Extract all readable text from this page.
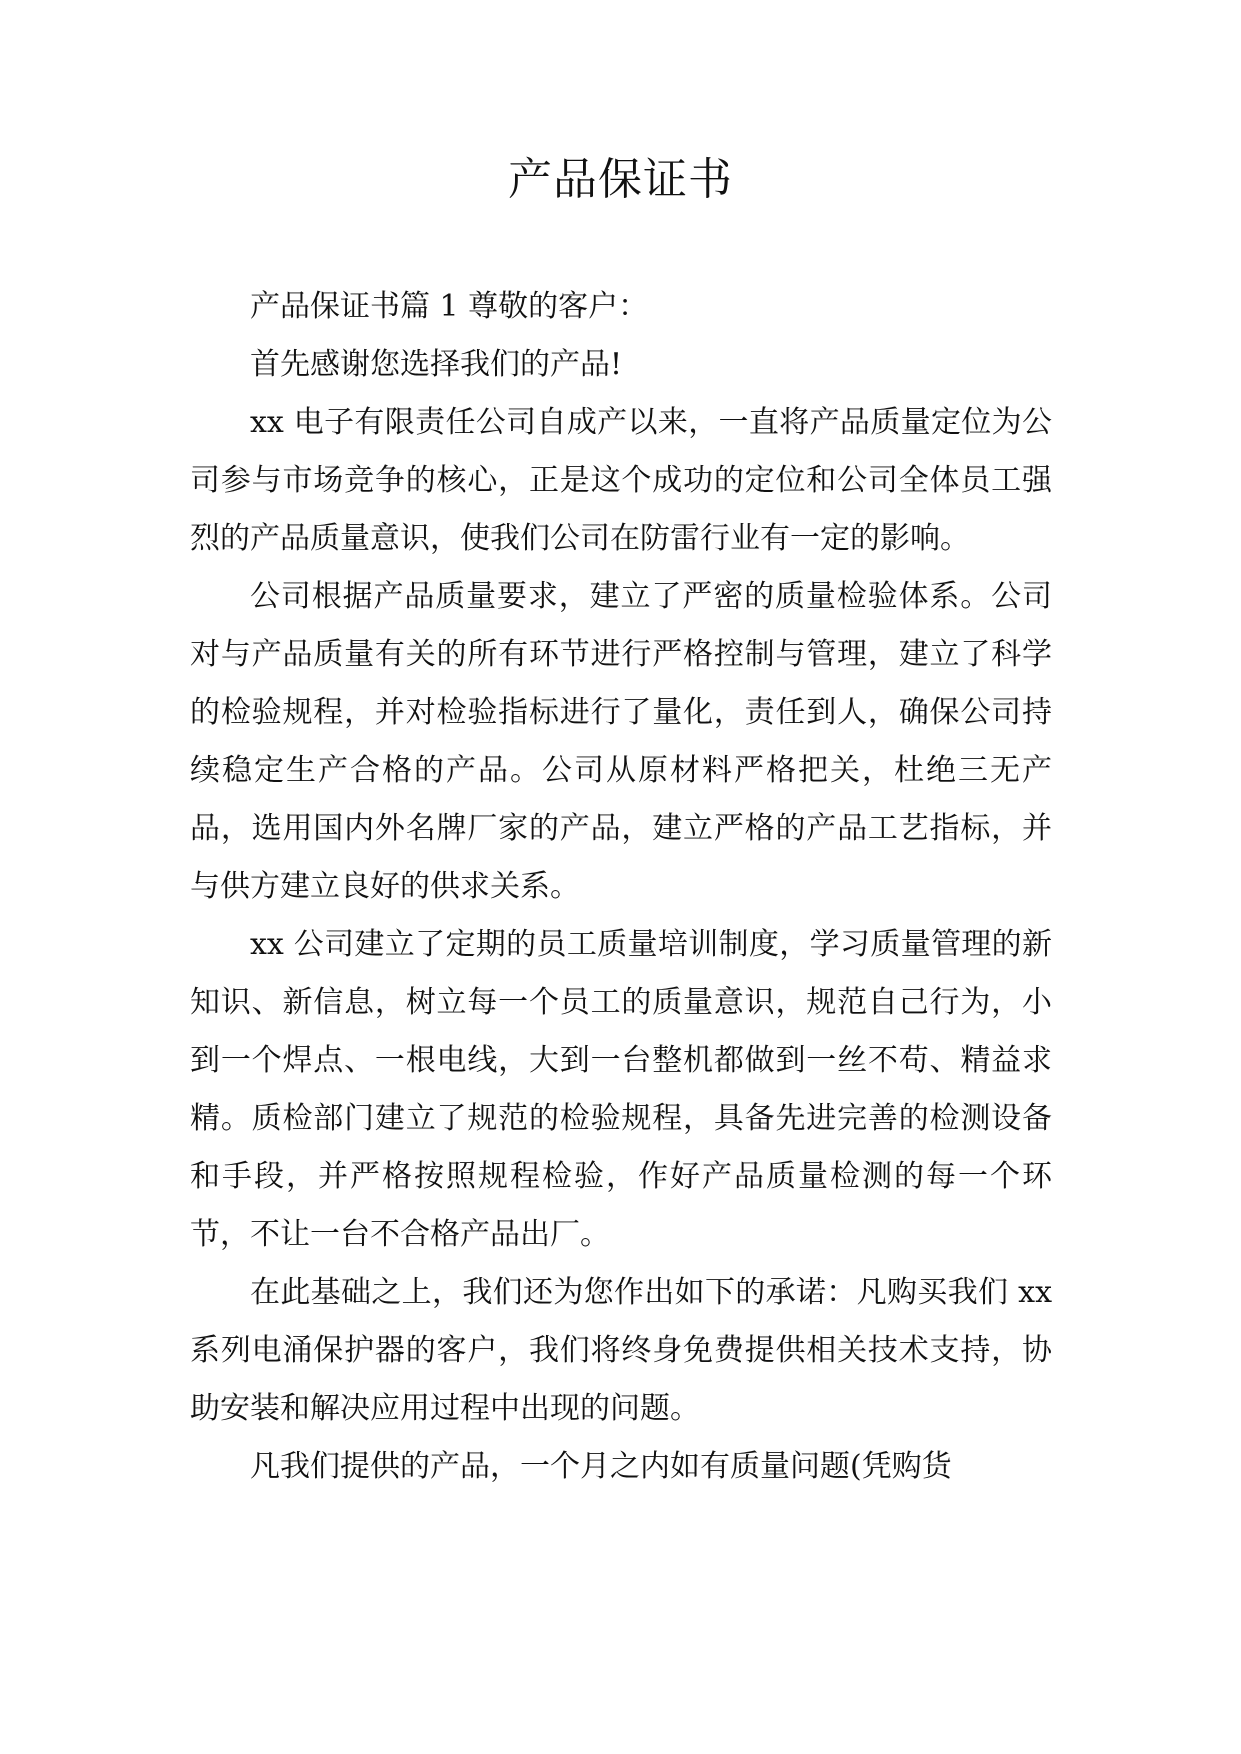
产品保证书

产品保证书篇 1 尊敬的客户：

首先感谢您选择我们的产品!

xx 电子有限责任公司自成产以来，一直将产品质量定位为公司参与市场竞争的核心，正是这个成功的定位和公司全体员工强烈的产品质量意识，使我们公司在防雷行业有一定的影响。

公司根据产品质量要求，建立了严密的质量检验体系。公司对与产品质量有关的所有环节进行严格控制与管理，建立了科学的检验规程，并对检验指标进行了量化，责任到人，确保公司持续稳定生产合格的产品。公司从原材料严格把关，杜绝三无产品，选用国内外名牌厂家的产品，建立严格的产品工艺指标，并与供方建立良好的供求关系。

xx 公司建立了定期的员工质量培训制度，学习质量管理的新知识、新信息，树立每一个员工的质量意识，规范自己行为，小到一个焊点、一根电线，大到一台整机都做到一丝不苟、精益求精。质检部门建立了规范的检验规程，具备先进完善的检测设备和手段，并严格按照规程检验，作好产品质量检测的每一个环节，不让一台不合格产品出厂。

在此基础之上，我们还为您作出如下的承诺：凡购买我们 xx 系列电涌保护器的客户，我们将终身免费提供相关技术支持，协助安装和解决应用过程中出现的问题。

凡我们提供的产品，一个月之内如有质量问题(凭购货
